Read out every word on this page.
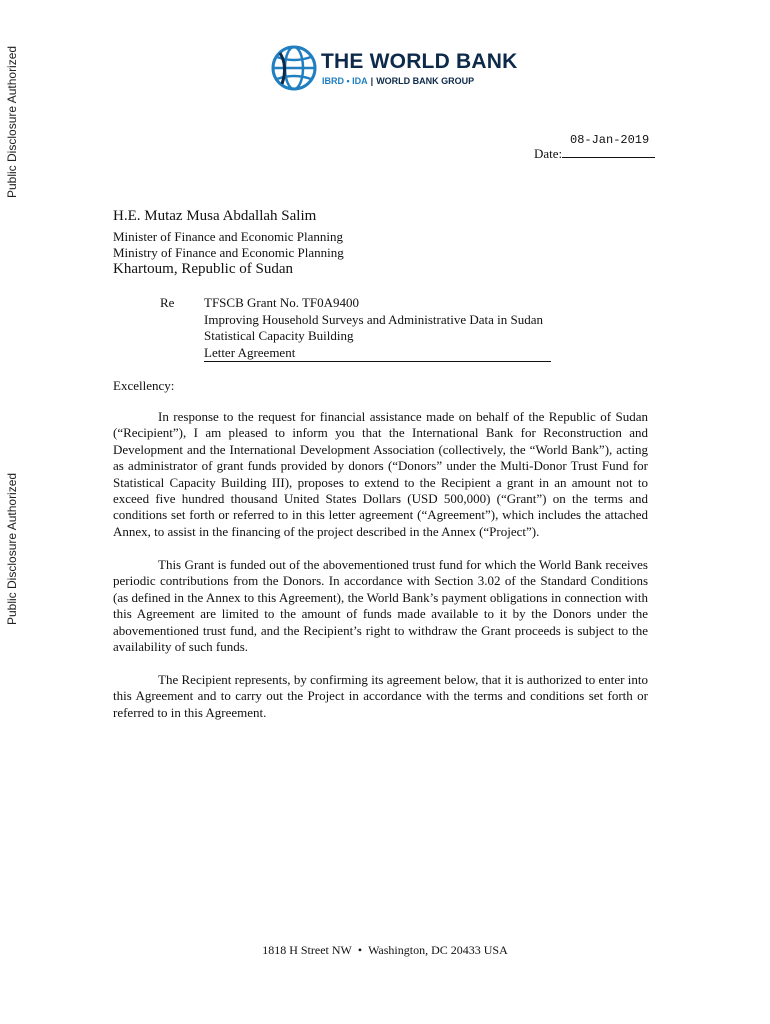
Public Disclosure Authorized
Public Disclosure Authorized
THE WORLD BANK
IBRD • IDA | WORLD BANK GROUP
08-Jan-2019
Date:
H.E. Mutaz Musa Abdallah Salim
Minister of Finance and Economic Planning
Ministry of Finance and Economic Planning
Khartoum, Republic of Sudan
Re TFSCB Grant No. TF0A9400
Improving Household Surveys and Administrative Data in Sudan
Statistical Capacity Building
Letter Agreement
Excellency:

In response to the request for financial assistance made on behalf of the Republic of Sudan (“Recipient”), I am pleased to inform you that the International Bank for Reconstruction and Development and the International Development Association (collectively, the “World Bank”), acting as administrator of grant funds provided by donors (“Donors” under the Multi-Donor Trust Fund for Statistical Capacity Building III), proposes to extend to the Recipient a grant in an amount not to exceed five hundred thousand United States Dollars (USD 500,000) (“Grant”) on the terms and conditions set forth or referred to in this letter agreement (“Agreement”), which includes the attached Annex, to assist in the financing of the project described in the Annex (“Project”).

This Grant is funded out of the abovementioned trust fund for which the World Bank receives periodic contributions from the Donors. In accordance with Section 3.02 of the Standard Conditions (as defined in the Annex to this Agreement), the World Bank’s payment obligations in connection with this Agreement are limited to the amount of funds made available to it by the Donors under the abovementioned trust fund, and the Recipient’s right to withdraw the Grant proceeds is subject to the availability of such funds.

The Recipient represents, by confirming its agreement below, that it is authorized to enter into this Agreement and to carry out the Project in accordance with the terms and conditions set forth or referred to in this Agreement.

1818 H Street NW • Washington, DC 20433 USA
